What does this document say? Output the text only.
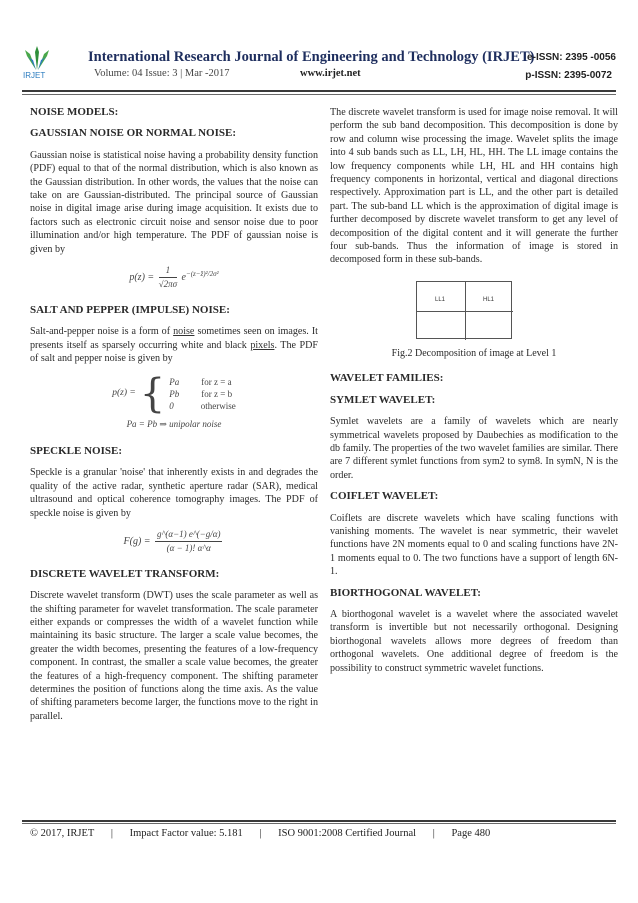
IRJET
International Research Journal of Engineering and Technology (IRJET)
Volume: 04 Issue: 3 | Mar -2017	www.irjet.net
e-ISSN: 2395 -0056
p-ISSN: 2395-0072
NOISE MODELS:
GAUSSIAN NOISE OR NORMAL NOISE:

Gaussian noise is statistical noise having a probability density function (PDF) equal to that of the normal distribution, which is also known as the Gaussian distribution. In other words, the values that the noise can take on are Gaussian-distributed. The principal source of Gaussian noise in digital image arise during image acquisition. It exists due to factors such as electronic circuit noise and sensor noise due to poor illumination and/or high temperature. The PDF of gaussian noise is given by

$p(z) = \frac{1}{√2\pi\sigma} e^{-(z-z̄)^2/2\sigma^2}$
SALT AND PEPPER (IMPULSE) NOISE:

Salt-and-pepper noise is a form of noise sometimes seen on images. It presents itself as sparsely occurring white and black pixels. The PDF of salt and pepper noise is given by

p(z) = { Pa for z = a
Pb for z = b
0	otherwise
Pa = Pb ⇒ unipolar noise
SPECKLE NOISE:

Speckle is a granular 'noise' that inherently exists in and degrades the quality of the active radar, synthetic aperture radar (SAR), medical ultrasound and optical coherence tomography images. The PDF of speckle noise is given by

$F(g) = \frac{g\^{}(\alpha-1) e\^{}(-g/\alpha)}{(\alpha - 1)! \alpha\^{}\alpha}$
DISCRETE WAVELET TRANSFORM:

Discrete wavelet transform (DWT) uses the scale parameter as well as the shifting parameter for wavelet transformation. The scale parameter either expands or compresses the width of a wavelet function while maintaining its basic structure. The larger a scale value becomes, the greater the width becomes, presenting the features of a low-frequency component. In contrast, the smaller a scale value becomes, the greater the features of a high-frequency component. The shifting parameter determines the position of functions along the time axis. As the value of shifting parameters become larger, the functions move to the right in parallel.

The discrete wavelet transform is used for image noise removal. It will perform the sub band decomposition. This decomposition is done by row and column wise processing the image. Wavelet splits the image into 4 sub bands such as LL, LH, HL, HH. The LL image contains the low frequency components while LH, HL and HH contains high frequency components in horizontal, vertical and diagonal directions respectively. Approximation part is LL, and the other part is detailed part. The sub-band LL which is the approximation of digital image is further decomposed by discrete wavelet transform to get any level of decomposition of the digital content and it will generate the further four sub-bands. Thus the information of image is stored in decomposed form in these sub-bands.

LL1	HL1
Fig.2 Decomposition of image at Level 1
WAVELET FAMILIES:
SYMLET WAVELET:

Symlet wavelets are a family of wavelets which are nearly symmetrical wavelets proposed by Daubechies as modification to the db family. The properties of the two wavelet families are similar. There are 7 different symlet functions from sym2 to sym8. In symN, N is the order.

COIFLET WAVELET:

Coiflets are discrete wavelets which have scaling functions with vanishing moments. The wavelet is near symmetric, their wavelet functions have 2N moments equal to 0 and scaling functions have 2N-1 moments equal to 0. The two functions have a support of length 6N-1.

BIORTHOGONAL WAVELET:

A biorthogonal wavelet is a wavelet where the associated wavelet transform is invertible but not necessarily orthogonal. Designing biorthogonal wavelets allows more degrees of freedom than orthogonal wavelets. One additional degree of freedom is the possibility to construct symmetric wavelet functions.

© 2017, IRJET | Impact Factor value: 5.181 | ISO 9001:2008 Certified Journal | Page 480
